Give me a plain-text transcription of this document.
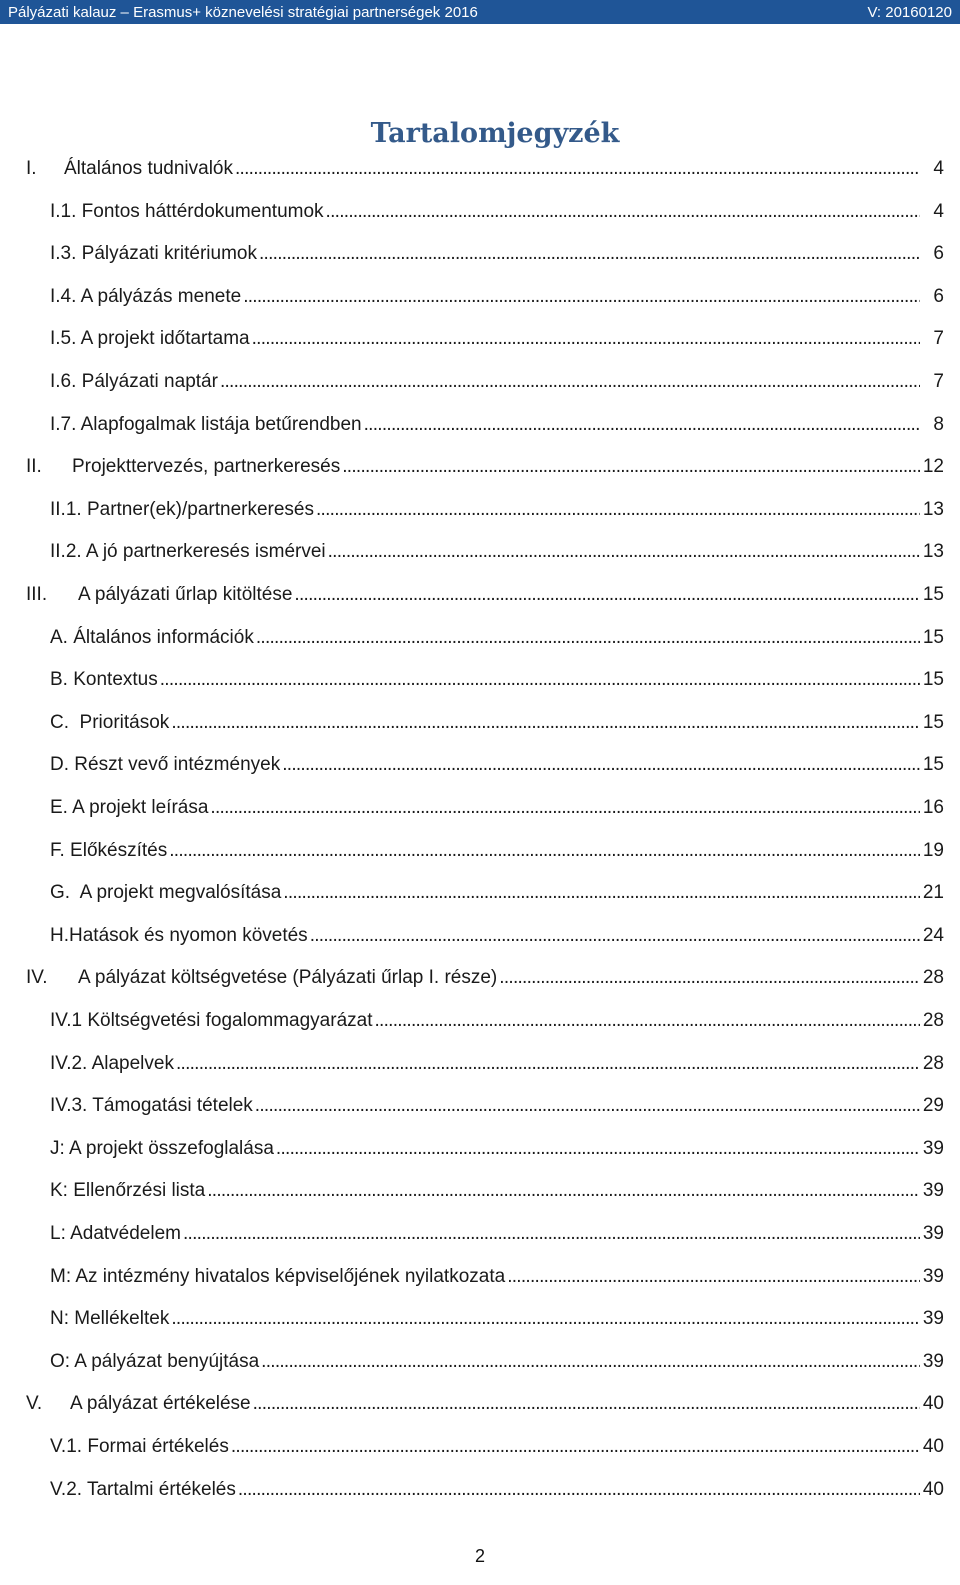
Pályázati kalauz – Erasmus+ köznevelési stratégiai partnerségek 2016	V: 20160120
Tartalomjegyzék
I.	Általános tudnivalók . . .	4
I.1. Fontos háttérdokumentumok . . .	4
I.3. Pályázati kritériumok . . .	6
I.4. A pályázás menete . . .	6
I.5. A projekt időtartama . . .	7
I.6. Pályázati naptár . . .	7
I.7. Alapfogalmak listája betűrendben . . .	8
II.	Projekttervezés, partnerkeresés . . .	12
II.1. Partner(ek)/partnerkeresés . . .	13
II.2. A jó partnerkeresés ismérvei . . .	13
III.	A pályázati űrlap kitöltése . . .	15
A. Általános információk . . .	15
B. Kontextus . . .	15
C.  Prioritások . . .	15
D. Részt vevő intézmények . . .	15
E. A projekt leírása . . .	16
F. Előkészítés . . .	19
G.  A projekt megvalósítása . . .	21
H.Hatások és nyomon követés . . .	24
IV.	A pályázat költségvetése (Pályázati űrlap I. része) . . .	28
IV.1 Költségvetési fogalommagyarázat . . .	28
IV.2. Alapelvek . . .	28
IV.3. Támogatási tételek . . .	29
J: A projekt összefoglalása . . .	39
K: Ellenőrzési lista . . .	39
L: Adatvédelem . . .	39
M: Az intézmény hivatalos képviselőjének nyilatkozata . . .	39
N: Mellékeltek . . .	39
O: A pályázat benyújtása . . .	39
V.	A pályázat értékelése . . .	40
V.1. Formai értékelés . . .	40
V.2. Tartalmi értékelés . . .	40
2
